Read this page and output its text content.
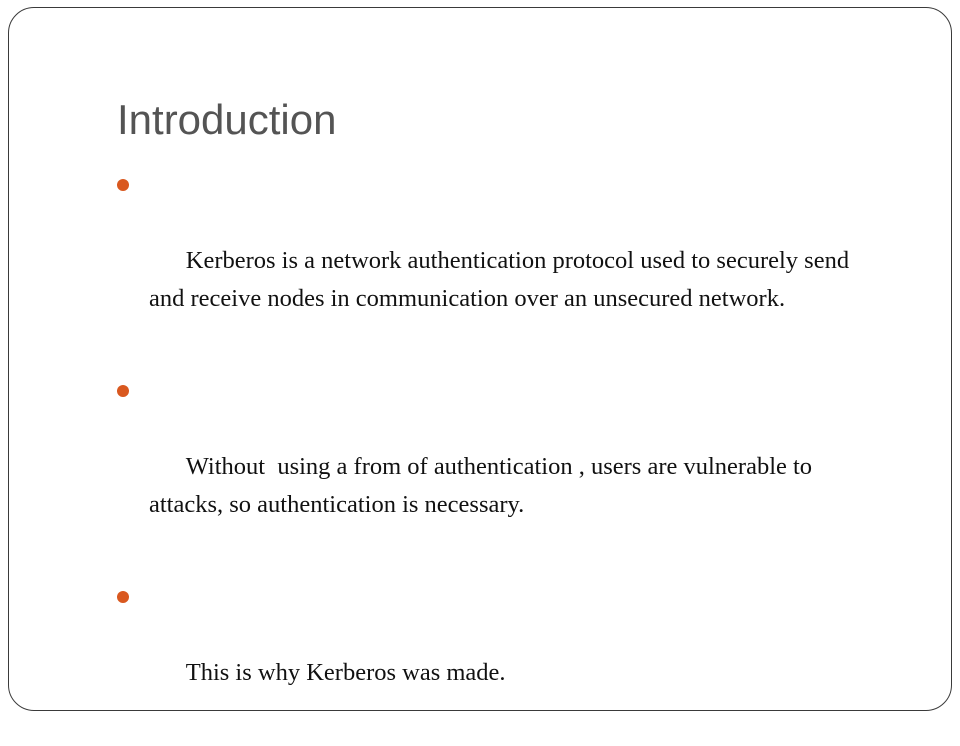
Introduction

Kerberos is a network authentication protocol used to securely send and receive nodes in communication over an unsecured network.

Without  using a from of authentication , users are vulnerable to attacks, so authentication is necessary.

This is why Kerberos was made.
